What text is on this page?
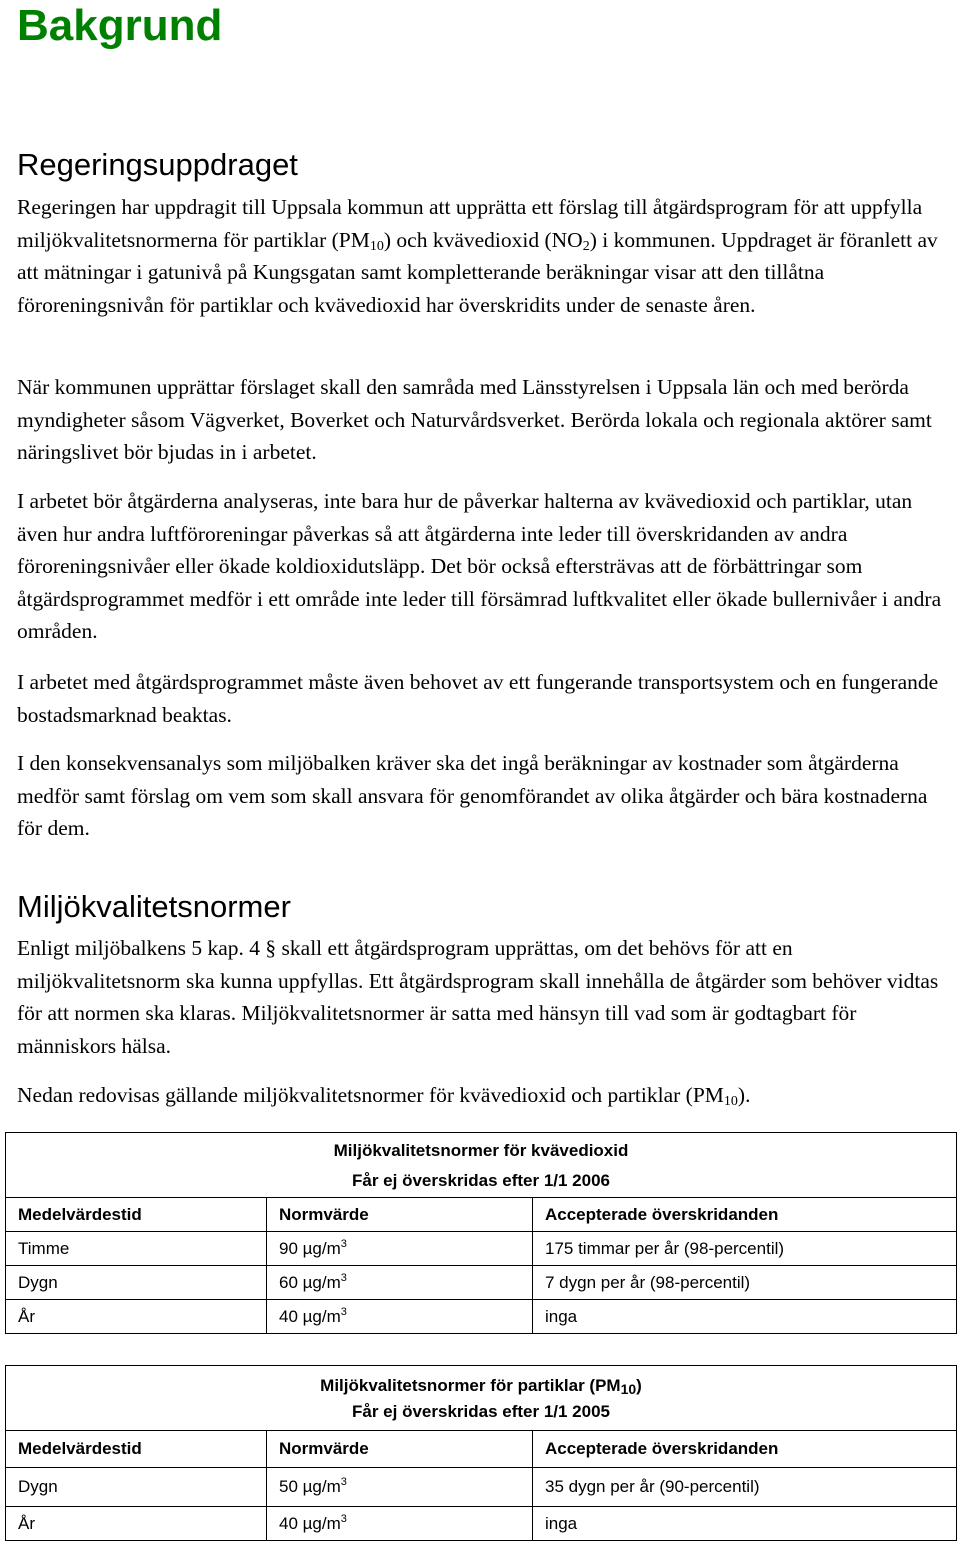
Bakgrund
Regeringsuppdraget

Regeringen har uppdragit till Uppsala kommun att upprätta ett förslag till åtgärdsprogram för att uppfylla miljökvalitetsnormerna för partiklar $(PM_{10})$ och kvävedioxid $(NO_2)$ i kommunen. Uppdraget är föranlett av att mätningar i gatunivå på Kungsgatan samt kompletterande beräkningar visar att den tillåtna föroreningsnivån för partiklar och kvävedioxid har överskridits under de senaste åren.

När kommunen upprättar förslaget skall den samråda med Länsstyrelsen i Uppsala län och med berörda myndigheter såsom Vägverket, Boverket och Naturvårdsverket. Berörda lokala och regionala aktörer samt näringslivet bör bjudas in i arbetet.

I arbetet bör åtgärderna analyseras, inte bara hur de påverkar halterna av kvävedioxid och partiklar, utan även hur andra luftföroreningar påverkas så att åtgärderna inte leder till överskridanden av andra föroreningsnivåer eller ökade koldioxidutsläpp. Det bör också eftersträvas att de förbättringar som åtgärdsprogrammet medför i ett område inte leder till försämrad luftkvalitet eller ökade bullernivåer i andra områden.

I arbetet med åtgärdsprogrammet måste även behovet av ett fungerande transportsystem och en fungerande bostadsmarknad beaktas.

I den konsekvensanalys som miljöbalken kräver ska det ingå beräkningar av kostnader som åtgärderna medför samt förslag om vem som skall ansvara för genomförandet av olika åtgärder och bära kostnaderna för dem.

Miljökvalitetsnormer

Enligt miljöbalkens 5 kap. 4 § skall ett åtgärdsprogram upprättas, om det behövs för att en miljökvalitetsnorm ska kunna uppfyllas. Ett åtgärdsprogram skall innehålla de åtgärder som behöver vidtas för att normen ska klaras. Miljökvalitetsnormer är satta med hänsyn till vad som är godtagbart för människors hälsa.

Nedan redovisas gällande miljökvalitetsnormer för kvävedioxid och partiklar $(PM_{10})$.

Miljökvalitetsnormer för kvävedioxid
Får ej överskridas efter 1/1 2006		

Medelvärdestid	Normvärde	Accepterade överskridanden
Timme	90 $\mu g/m^3$	175 timmar per år (98-percentil)
Dygn	60 $\mu g/m^3$	7 dygn per år (98-percentil)
År	40 $\mu g/m^3$	inga
Miljökvalitetsnormer för partiklar $(PM_{10})$
Får ej överskridas efter 1/1 2005		

Medelvärdestid	Normvärde	Accepterade överskridanden
Dygn	50 $\mu g/m^3$	35 dygn per år (90-percentil)
År	40 $\mu g/m^3$	inga
